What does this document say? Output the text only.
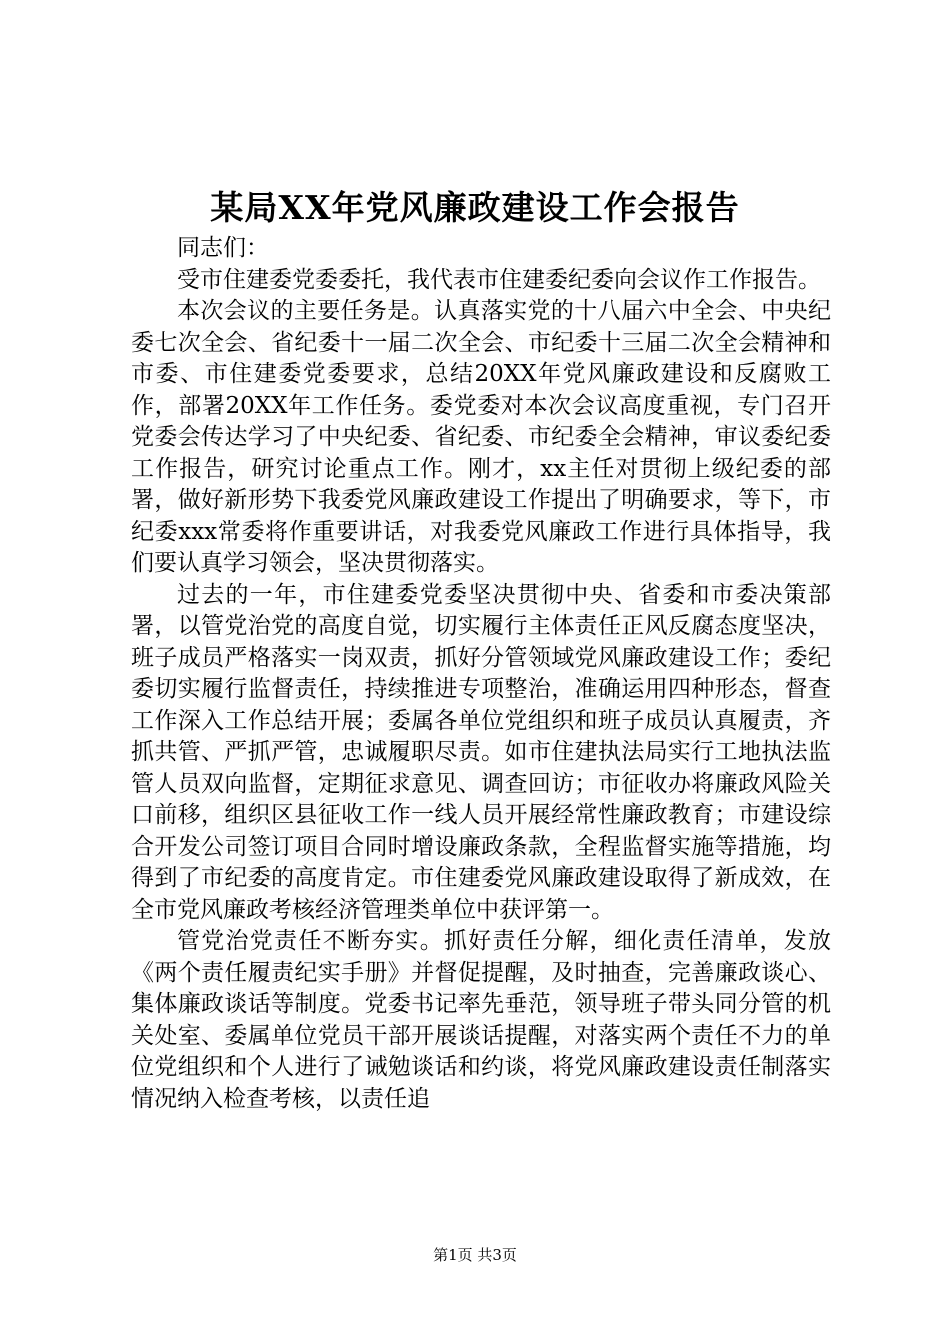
某局XX年党风廉政建设工作会报告

同志们：

受市住建委党委委托，我代表市住建委纪委向会议作工作报告。

本次会议的主要任务是。认真落实党的十八届六中全会、中央纪委七次全会、省纪委十一届二次全会、市纪委十三届二次全会精神和市委、市住建委党委要求，总结20XX年党风廉政建设和反腐败工作，部署20XX年工作任务。委党委对本次会议高度重视，专门召开党委会传达学习了中央纪委、省纪委、市纪委全会精神，审议委纪委工作报告，研究讨论重点工作。刚才，xx主任对贯彻上级纪委的部署，做好新形势下我委党风廉政建设工作提出了明确要求，等下，市纪委xxx常委将作重要讲话，对我委党风廉政工作进行具体指导，我们要认真学习领会，坚决贯彻落实。

过去的一年，市住建委党委坚决贯彻中央、省委和市委决策部署，以管党治党的高度自觉，切实履行主体责任正风反腐态度坚决，班子成员严格落实一岗双责，抓好分管领域党风廉政建设工作；委纪委切实履行监督责任，持续推进专项整治，准确运用四种形态，督查工作深入工作总结开展；委属各单位党组织和班子成员认真履责，齐抓共管、严抓严管，忠诚履职尽责。如市住建执法局实行工地执法监管人员双向监督，定期征求意见、调查回访；市征收办将廉政风险关口前移，组织区县征收工作一线人员开展经常性廉政教育；市建设综合开发公司签订项目合同时增设廉政条款，全程监督实施等措施，均得到了市纪委的高度肯定。市住建委党风廉政建设取得了新成效，在全市党风廉政考核经济管理类单位中获评第一。

管党治党责任不断夯实。抓好责任分解，细化责任清单，发放《两个责任履责纪实手册》并督促提醒，及时抽查，完善廉政谈心、集体廉政谈话等制度。党委书记率先垂范，领导班子带头同分管的机关处室、委属单位党员干部开展谈话提醒，对落实两个责任不力的单位党组织和个人进行了诫勉谈话和约谈，将党风廉政建设责任制落实情况纳入检查考核，以责任追

第1页 共3页
